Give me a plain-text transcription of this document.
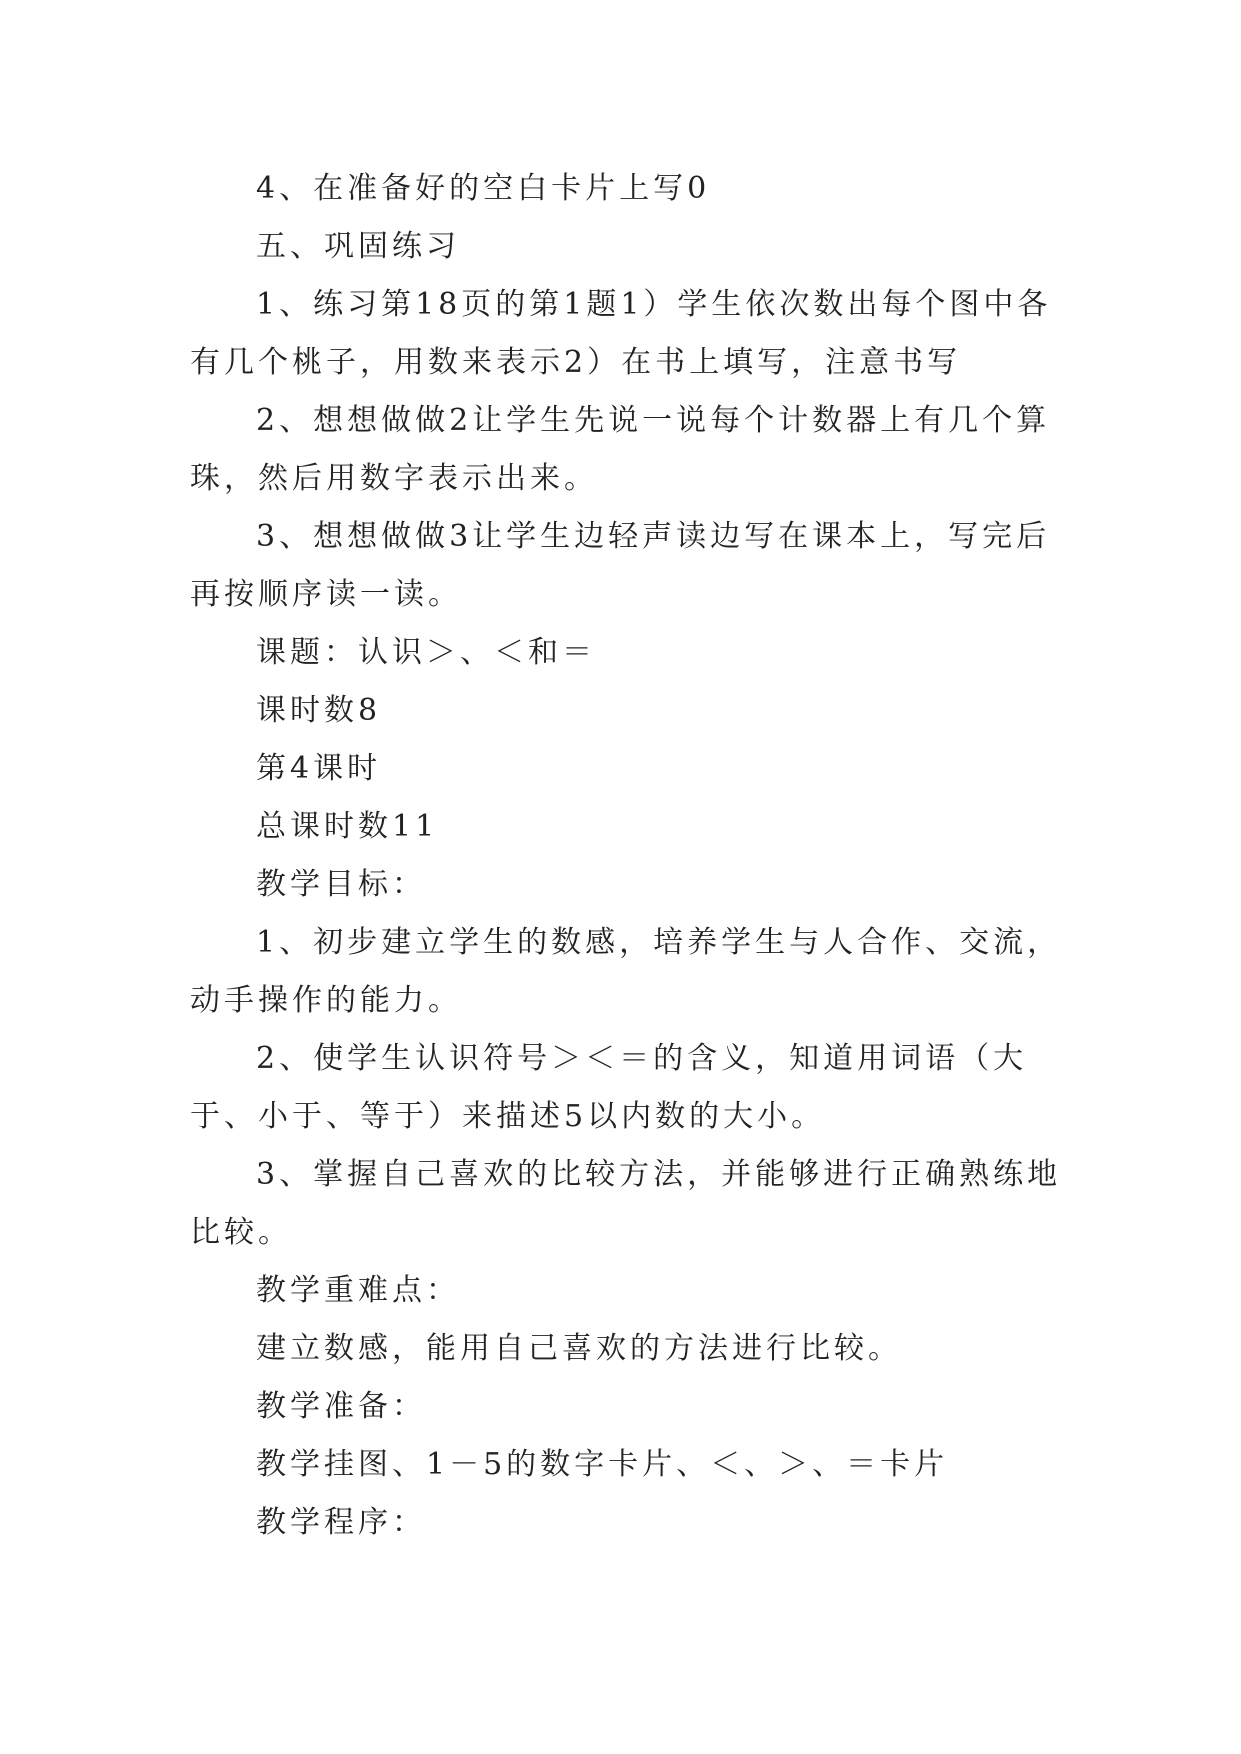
4、在准备好的空白卡片上写0

五、巩固练习

1、练习第18页的第1题1）学生依次数出每个图中各有几个桃子，用数来表示2）在书上填写，注意书写

2、想想做做2让学生先说一说每个计数器上有几个算珠，然后用数字表示出来。

3、想想做做3让学生边轻声读边写在课本上，写完后再按顺序读一读。

课题：认识＞、＜和＝

课时数8

第4课时

总课时数11

教学目标：

1、初步建立学生的数感，培养学生与人合作、交流，动手操作的能力。

2、使学生认识符号＞＜＝的含义，知道用词语（大于、小于、等于）来描述5以内数的大小。

3、掌握自己喜欢的比较方法，并能够进行正确熟练地比较。

教学重难点：

建立数感，能用自己喜欢的方法进行比较。

教学准备：

教学挂图、1－5的数字卡片、＜、＞、＝卡片

教学程序：
